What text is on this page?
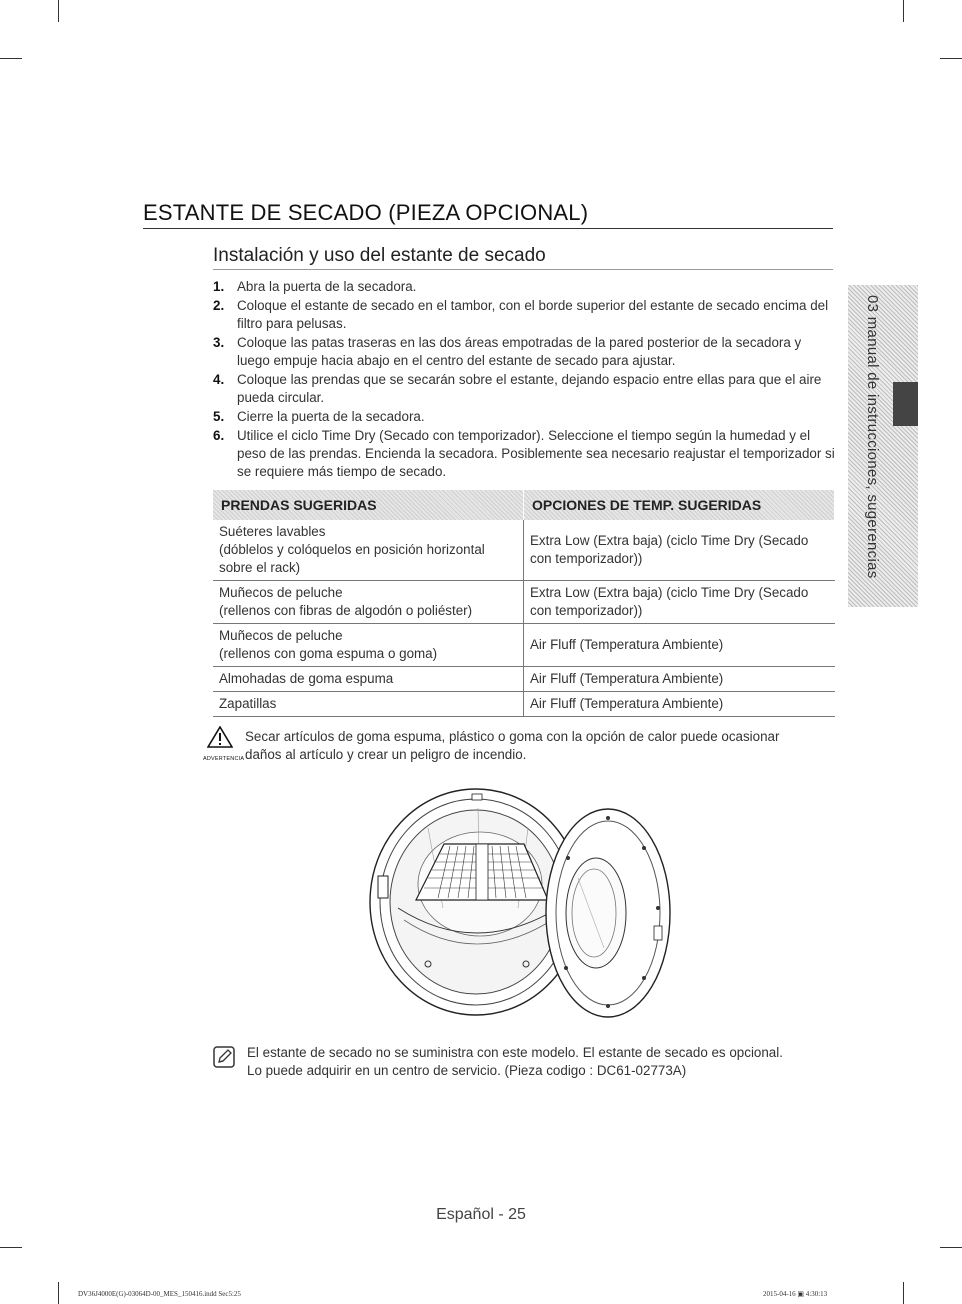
ESTANTE DE SECADO (PIEZA OPCIONAL)
Instalación y uso del estante de secado
1. Abra la puerta de la secadora.
2. Coloque el estante de secado en el tambor, con el borde superior del estante de secado encima del filtro para pelusas.
3. Coloque las patas traseras en las dos áreas empotradas de la pared posterior de la secadora y luego empuje hacia abajo en el centro del estante de secado para ajustar.
4. Coloque las prendas que se secarán sobre el estante, dejando espacio entre ellas para que el aire pueda circular.
5. Cierre la puerta de la secadora.
6. Utilice el ciclo Time Dry (Secado con temporizador). Seleccione el tiempo según la humedad y el peso de las prendas. Encienda la secadora. Posiblemente sea necesario reajustar el temporizador si se requiere más tiempo de secado.
PRENDAS SUGERIDAS	OPCIONES DE TEMP. SUGERIDAS

Suéteres lavables
(dóblelos y colóquelos en posición horizontal sobre el rack)	Extra Low (Extra baja) (ciclo Time Dry (Secado con temporizador))

Muñecos de peluche
(rellenos con fibras de algodón o poliéster)	Extra Low (Extra baja) (ciclo Time Dry (Secado con temporizador))

Muñecos de peluche
(rellenos con goma espuma o goma)	Air Fluff (Temperatura Ambiente)
Almohadas de goma espuma	Air Fluff (Temperatura Ambiente)
Zapatillas	Air Fluff (Temperatura Ambiente)
ADVERTENCIA
Secar artículos de goma espuma, plástico o goma con la opción de calor puede ocasionar
daños al artículo y crear un peligro de incendio.
El estante de secado no se suministra con este modelo. El estante de secado es opcional.
Lo puede adquirir en un centro de servicio. (Pieza codigo : DC61-02773A)
03 manual de instrucciones, sugerencias
Español - 25
DV36J4000E(G)-03064D-00_MES_150416.indd Sec5:25	2015-04-16 ▣ 4:30:13
